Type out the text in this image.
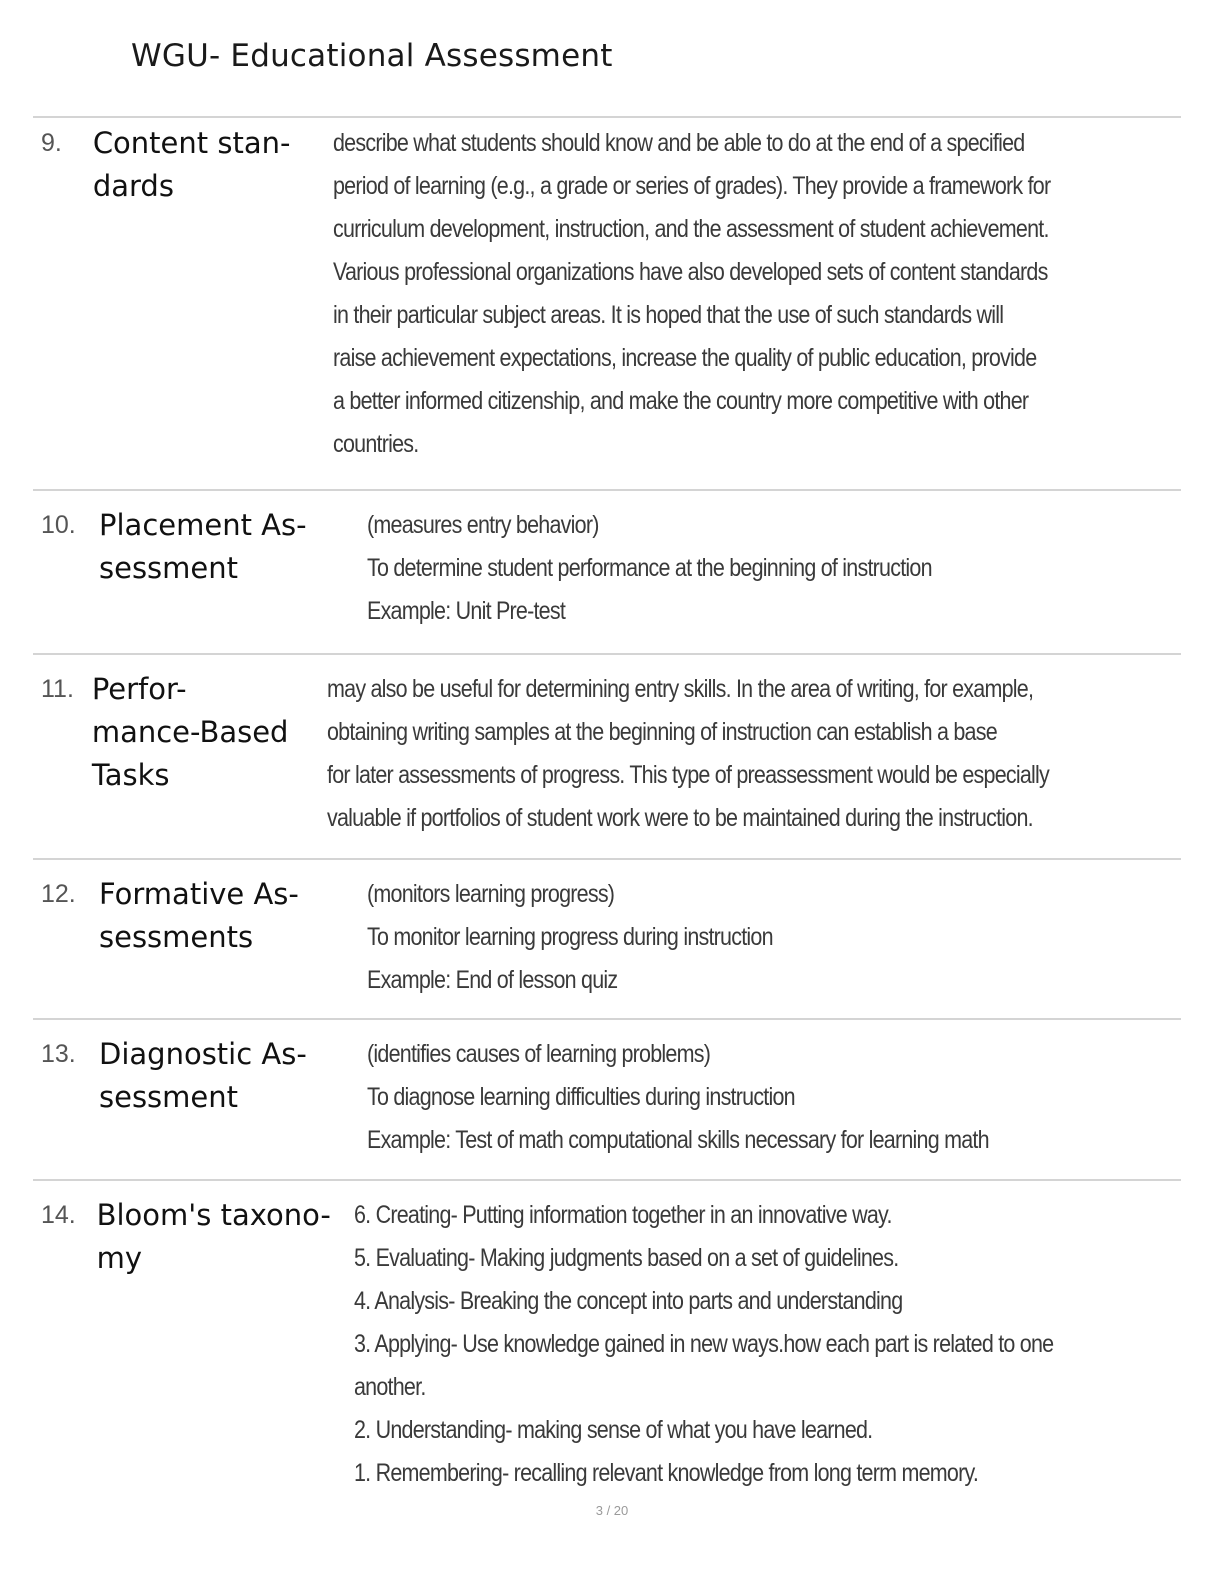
WGU- Educational Assessment
9.	Content stan-
dards
describe what students should know and be able to do at the end of a specified
period of learning (e.g., a grade or series of grades). They provide a framework for
curriculum development, instruction, and the assessment of student achievement.
Various professional organizations have also developed sets of content standards
in their particular subject areas. It is hoped that the use of such standards will
raise achievement expectations, increase the quality of public education, provide
a better informed citizenship, and make the country more competitive with other
countries.
10. Placement As-
sessment
(measures entry behavior)
To determine student performance at the beginning of instruction
Example: Unit Pre-test
11. Perfor-
mance-Based
Tasks
may also be useful for determining entry skills. In the area of writing, for example,
obtaining writing samples at the beginning of instruction can establish a base
for later assessments of progress. This type of preassessment would be especially
valuable if portfolios of student work were to be maintained during the instruction.
12. Formative As-
sessments
(monitors learning progress)
To monitor learning progress during instruction
Example: End of lesson quiz
13. Diagnostic As-
sessment
(identifies causes of learning problems)
To diagnose learning difficulties during instruction
Example: Test of math computational skills necessary for learning math
14. Bloom's taxono-
my
6. Creating- Putting information together in an innovative way.
5. Evaluating- Making judgments based on a set of guidelines.
4. Analysis- Breaking the concept into parts and understanding
3. Applying- Use knowledge gained in new ways.how each part is related to one
another.
2. Understanding- making sense of what you have learned.
1. Remembering- recalling relevant knowledge from long term memory.
3 / 20
